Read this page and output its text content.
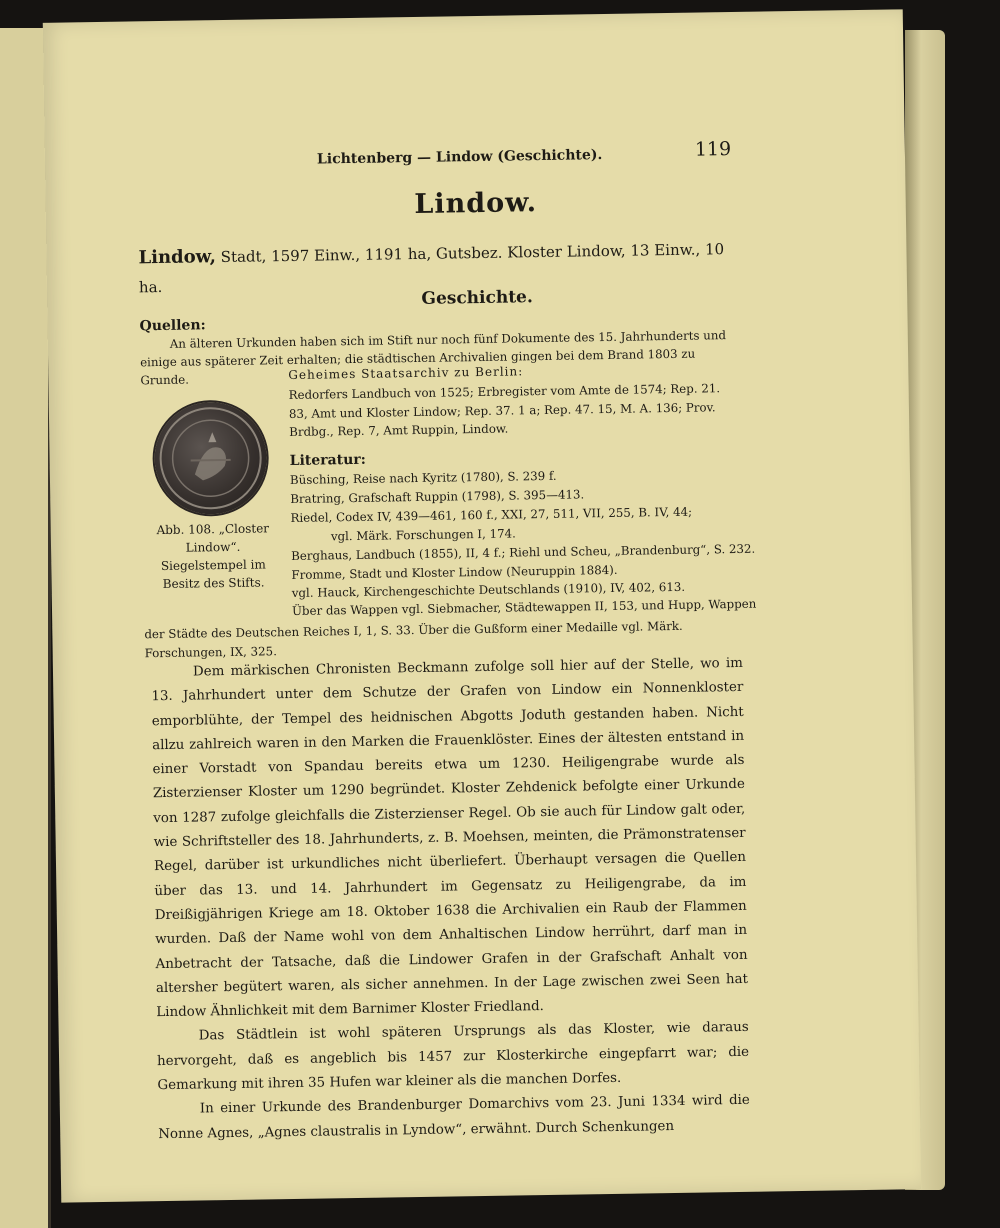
Lichtenberg — Lindow (Geschichte).	119
Lindow.
Lindow, Stadt, 1597 Einw., 1191 ha, Gutsbez. Kloster Lindow, 13 Einw., 10 ha.	Geschichte.
Quellen:
An älteren Urkunden haben sich im Stift nur noch fünf Dokumente des 15. Jahrhunderts und einige aus späterer Zeit erhalten; die städtischen Archivalien gingen bei dem Brand 1803 zu Grunde.	Geheimes Staatsarchiv zu Berlin:
Redorfers Landbuch von 1525; Erbregister vom Amte de 1574; Rep. 21. 83, Amt und Kloster Lindow; Rep. 37. 1 a; Rep. 47. 15, M. A. 136; Prov. Brdbg., Rep. 7, Amt Ruppin, Lindow.
Abb. 108. „Closter Lindow“. Siegelstempel im Besitz des Stifts.
Literatur:
Büsching, Reise nach Kyritz (1780), S. 239 f.
Bratring, Grafschaft Ruppin (1798), S. 395—413.
Riedel, Codex IV, 439—461, 160 f., XXI, 27, 511, VII, 255, B. IV, 44;
vgl. Märk. Forschungen I, 174.
Berghaus, Landbuch (1855), II, 4 f.; Riehl und Scheu, „Brandenburg“, S. 232.
Fromme, Stadt und Kloster Lindow (Neuruppin 1884).
vgl. Hauck, Kirchengeschichte Deutschlands (1910), IV, 402, 613.
Über das Wappen vgl. Siebmacher, Städtewappen II, 153, und Hupp, Wappen
der Städte des Deutschen Reiches I, 1, S. 33. Über die Gußform einer Medaille vgl. Märk. Forschungen, IX, 325.

Dem märkischen Chronisten Beckmann zufolge soll hier auf der Stelle, wo im 13. Jahrhundert unter dem Schutze der Grafen von Lindow ein Nonnenkloster emporblühte, der Tempel des heidnischen Abgotts Joduth gestanden haben. Nicht allzu zahlreich waren in den Marken die Frauenklöster. Eines der ältesten entstand in einer Vorstadt von Spandau bereits etwa um 1230. Heiligengrabe wurde als Zisterzienser Kloster um 1290 begründet. Kloster Zehdenick befolgte einer Urkunde von 1287 zufolge gleichfalls die Zisterzienser Regel. Ob sie auch für Lindow galt oder, wie Schriftsteller des 18. Jahrhunderts, z. B. Moehsen, meinten, die Prämonstratenser Regel, darüber ist urkundliches nicht überliefert. Überhaupt versagen die Quellen über das 13. und 14. Jahrhundert im Gegensatz zu Heiligengrabe, da im Dreißigjährigen Kriege am 18. Oktober 1638 die Archivalien ein Raub der Flammen wurden. Daß der Name wohl von dem Anhaltischen Lindow herrührt, darf man in Anbetracht der Tatsache, daß die Lindower Grafen in der Grafschaft Anhalt von altersher begütert waren, als sicher annehmen. In der Lage zwischen zwei Seen hat Lindow Ähnlichkeit mit dem Barnimer Kloster Friedland.

Das Städtlein ist wohl späteren Ursprungs als das Kloster, wie daraus hervorgeht, daß es angeblich bis 1457 zur Klosterkirche eingepfarrt war; die Gemarkung mit ihren 35 Hufen war kleiner als die manchen Dorfes.

In einer Urkunde des Brandenburger Domarchivs vom 23. Juni 1334 wird die Nonne Agnes, „Agnes claustralis in Lyndow“, erwähnt. Durch Schenkungen
